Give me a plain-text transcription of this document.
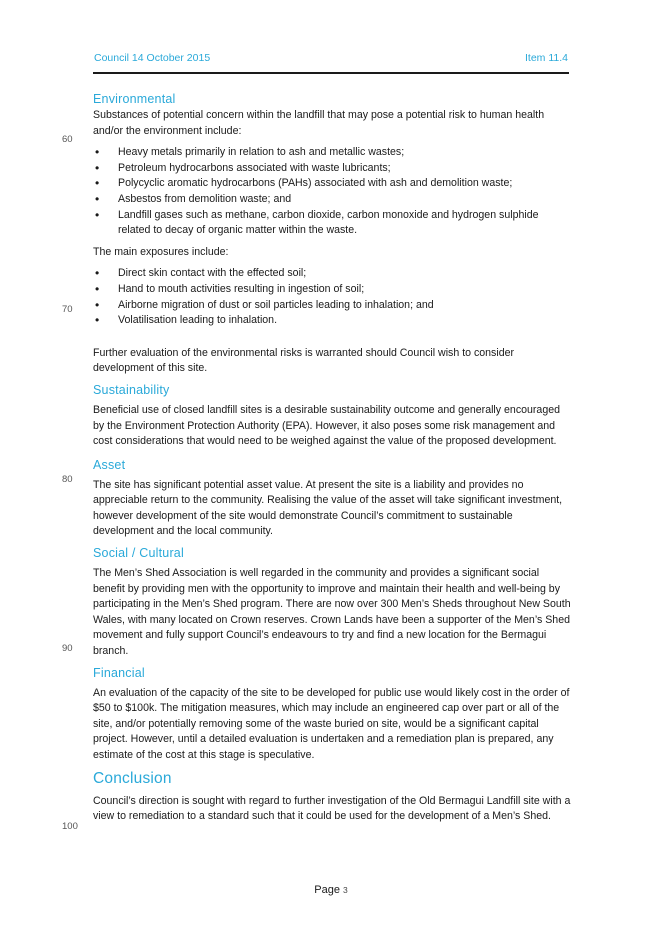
Council 14 October 2015	Item 11.4
60
70
80
90
100
Environmental

Substances of potential concern within the landfill that may pose a potential risk to human health and/or the environment include:

• Heavy metals primarily in relation to ash and metallic wastes;
• Petroleum hydrocarbons associated with waste lubricants;
• Polycyclic aromatic hydrocarbons (PAHs) associated with ash and demolition waste;
• Asbestos from demolition waste; and
• Landfill gases such as methane, carbon dioxide, carbon monoxide and hydrogen sulphide related to decay of organic matter within the waste.

The main exposures include:

• Direct skin contact with the effected soil;
• Hand to mouth activities resulting in ingestion of soil;
• Airborne migration of dust or soil particles leading to inhalation; and
• Volatilisation leading to inhalation.

Further evaluation of the environmental risks is warranted should Council wish to consider development of this site.

Sustainability

Beneficial use of closed landfill sites is a desirable sustainability outcome and generally encouraged by the Environment Protection Authority (EPA). However, it also poses some risk management and cost considerations that would need to be weighed against the value of the proposed development.

Asset

The site has significant potential asset value. At present the site is a liability and provides no appreciable return to the community. Realising the value of the asset will take significant investment, however development of the site would demonstrate Council’s commitment to sustainable development and the local community.

Social / Cultural

The Men’s Shed Association is well regarded in the community and provides a significant social benefit by providing men with the opportunity to improve and maintain their health and well-being by participating in the Men’s Shed program. There are now over 300 Men’s Sheds throughout New South Wales, with many located on Crown reserves. Crown Lands have been a supporter of the Men’s Shed movement and fully support Council’s endeavours to try and find a new location for the Bermagui branch.

Financial

An evaluation of the capacity of the site to be developed for public use would likely cost in the order of $50 to $100k. The mitigation measures, which may include an engineered cap over part or all of the site, and/or potentially removing some of the waste buried on site, would be a significant capital project. However, until a detailed evaluation is undertaken and a remediation plan is prepared, any estimate of the cost at this stage is speculative.

Conclusion

Council’s direction is sought with regard to further investigation of the Old Bermagui Landfill site with a view to remediation to a standard such that it could be used for the development of a Men’s Shed.

Page 3
